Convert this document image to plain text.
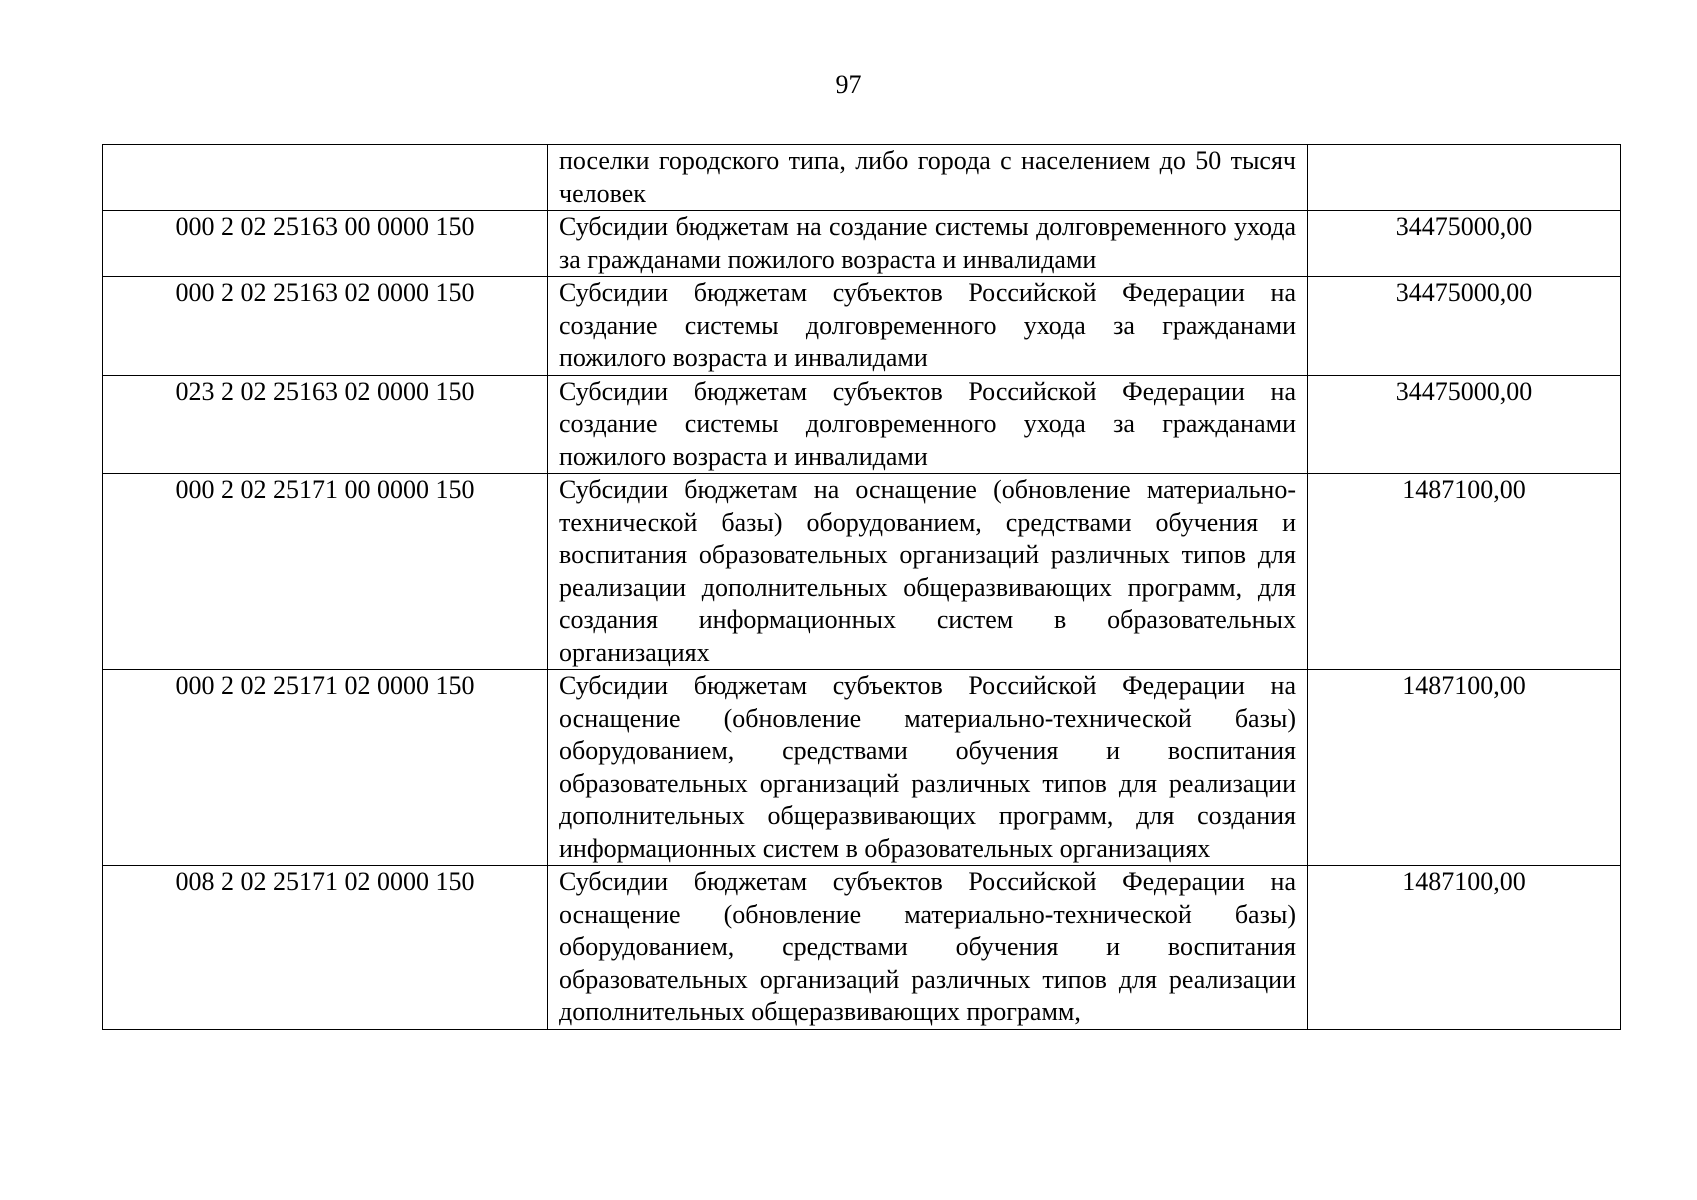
97
	поселки городского типа, либо города с населением до 50 тысяч человек	
000 2 02 25163 00 0000 150	Субсидии бюджетам на создание системы долговременного ухода за гражданами пожилого возраста и инвалидами	34475000,00
000 2 02 25163 02 0000 150	Субсидии бюджетам субъектов Российской Федерации на создание системы долговременного ухода за гражданами пожилого возраста и инвалидами	34475000,00
023 2 02 25163 02 0000 150	Субсидии бюджетам субъектов Российской Федерации на создание системы долговременного ухода за гражданами пожилого возраста и инвалидами	34475000,00
000 2 02 25171 00 0000 150	Субсидии бюджетам на оснащение (обновление материально-технической базы) оборудованием, средствами обучения и воспитания образовательных организаций различных типов для реализации дополнительных общеразвивающих программ, для создания информационных систем в образовательных организациях	1487100,00
000 2 02 25171 02 0000 150	Субсидии бюджетам субъектов Российской Федерации на оснащение (обновление материально-технической базы) оборудованием, средствами обучения и воспитания образовательных организаций различных типов для реализации дополнительных общеразвивающих программ, для создания информационных систем в образовательных организациях	1487100,00
008 2 02 25171 02 0000 150	Субсидии бюджетам субъектов Российской Федерации на оснащение (обновление материально-технической базы) оборудованием, средствами обучения и воспитания образовательных организаций различных типов для реализации дополнительных общеразвивающих программ,	1487100,00
